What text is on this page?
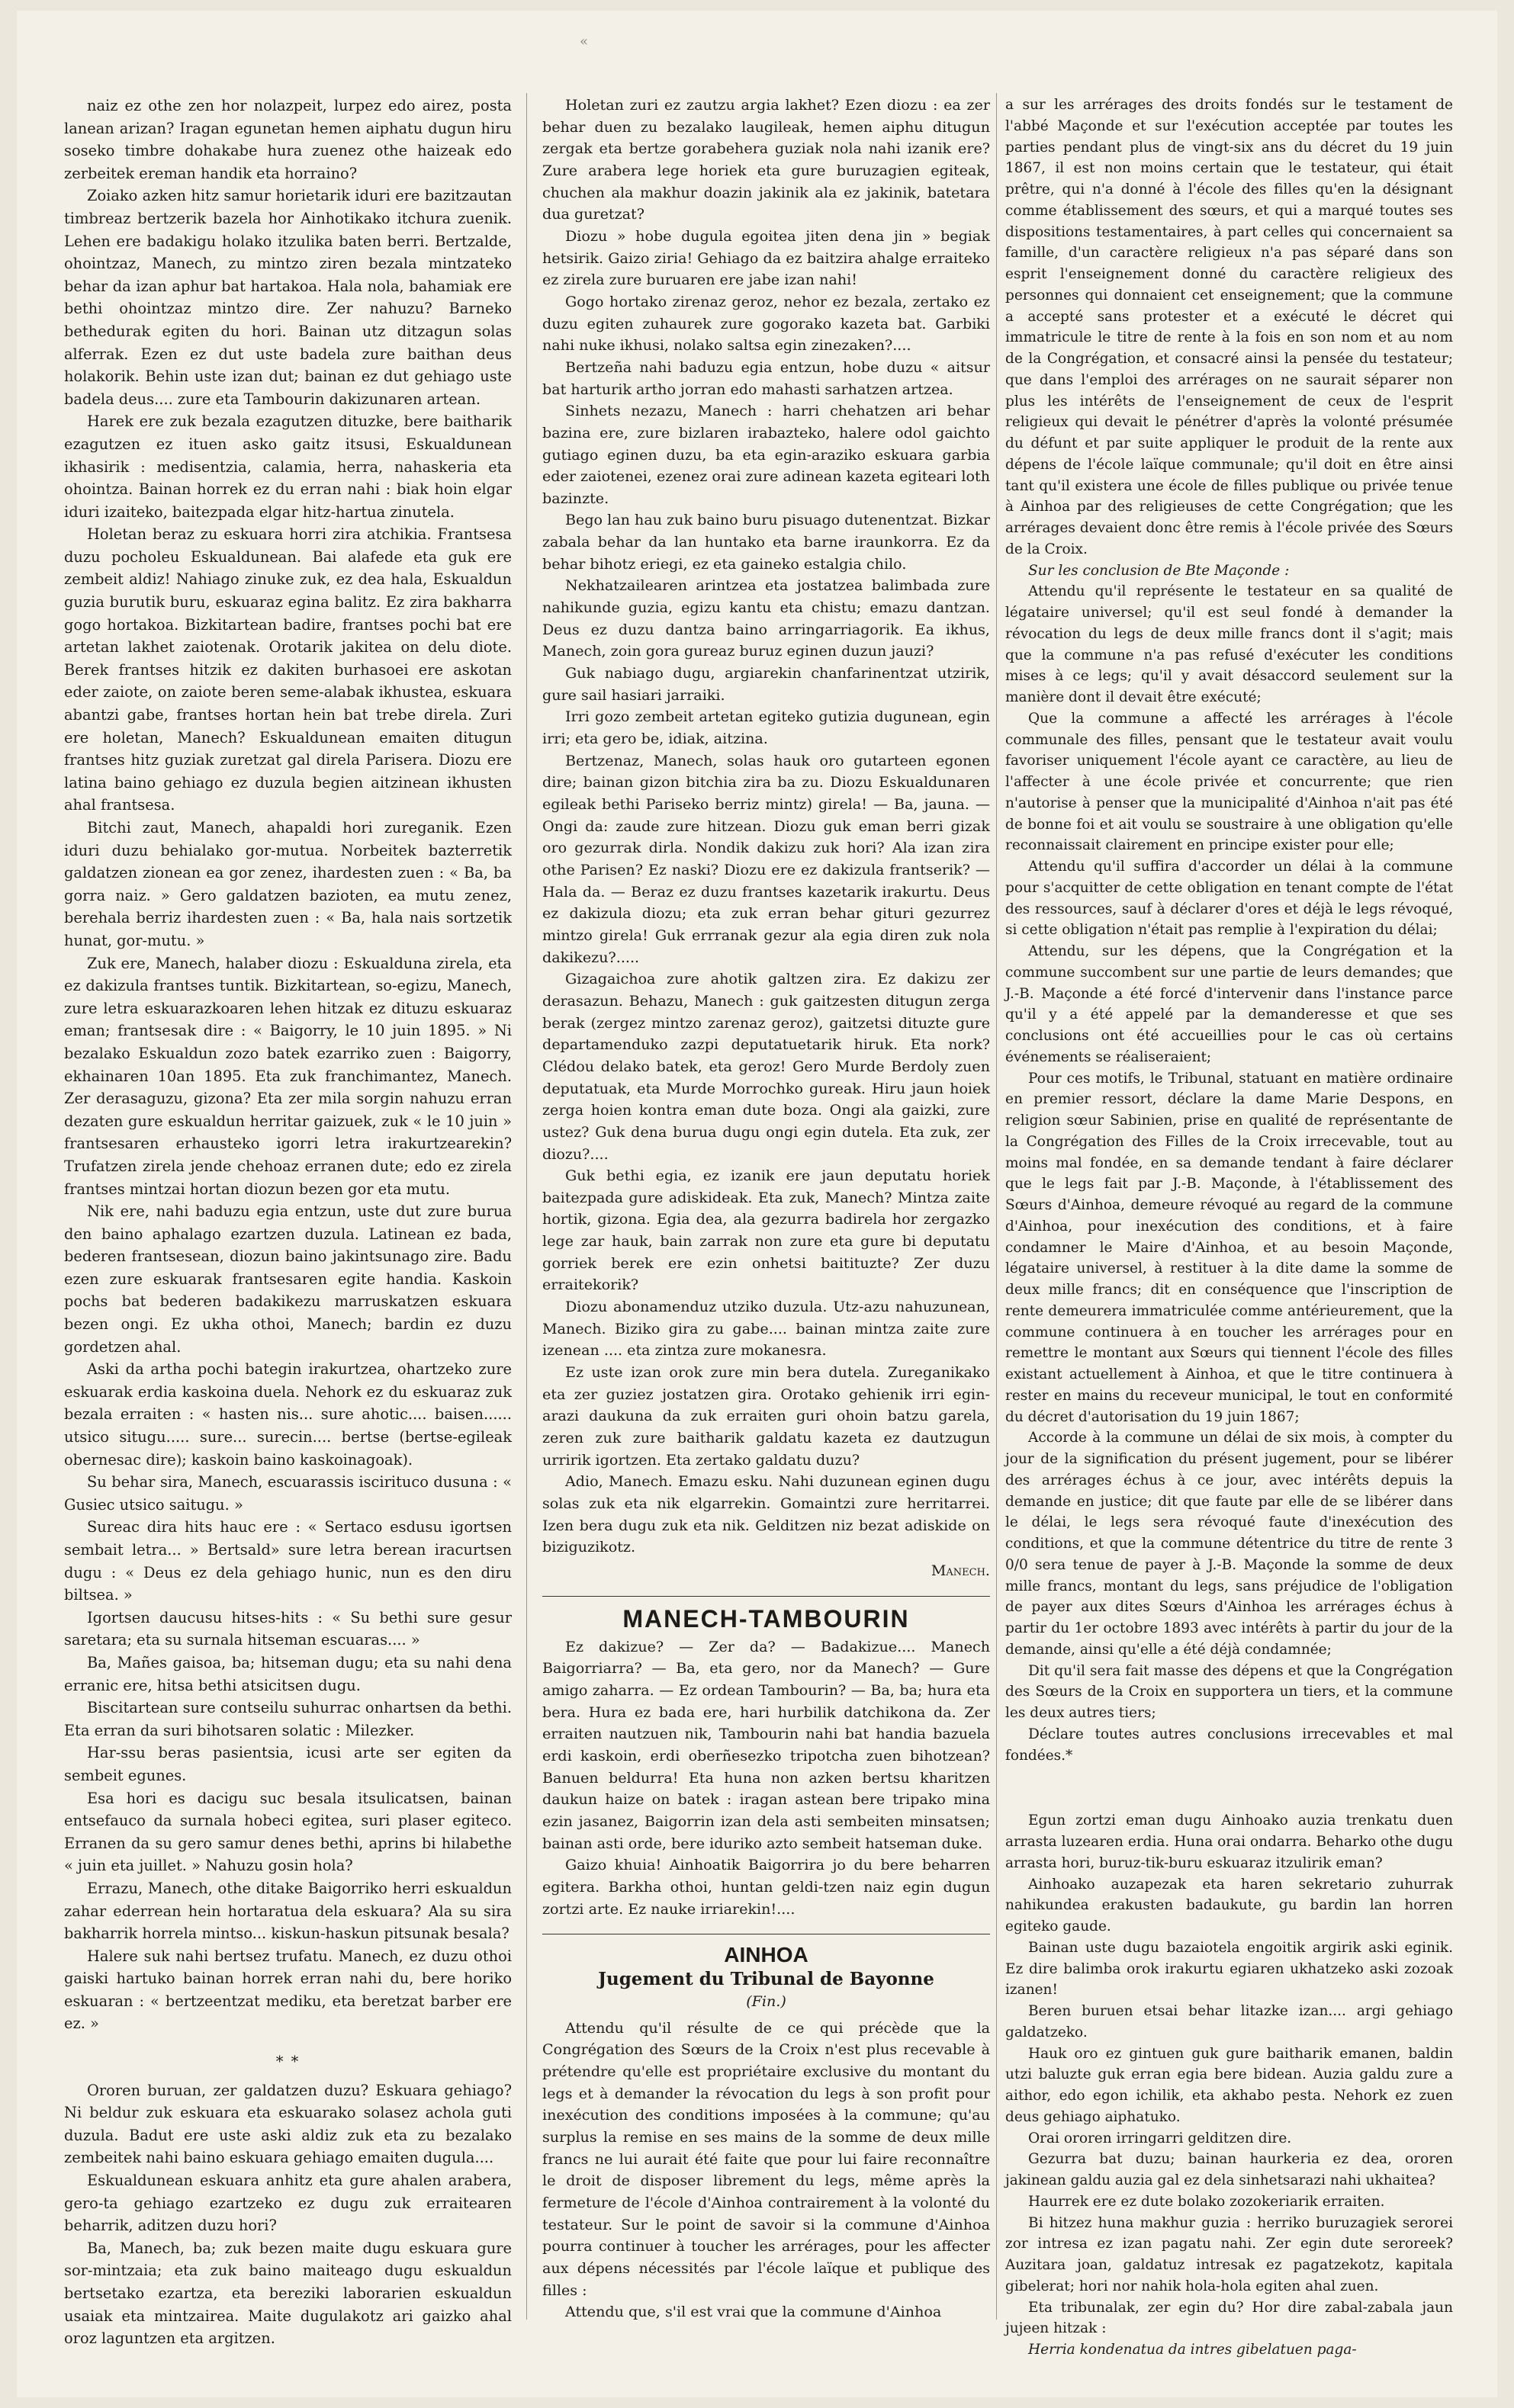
«

naiz ez othe zen hor nolazpeit, lurpez edo airez, posta lanean arizan? Iragan egunetan hemen aiphatu dugun hiru soseko timbre dohakabe hura zuenez othe haizeak edo zerbeitek ereman handik eta horraino?

Zoiako azken hitz samur horietarik iduri ere bazitzautan timbreaz bertzerik bazela hor Ainhotikako itchura zuenik. Lehen ere badakigu holako itzulika baten berri. Bertzalde, ohointzaz, Manech, zu mintzo ziren bezala mintzateko behar da izan aphur bat hartakoa. Hala nola, bahamiak ere bethi ohointzaz mintzo dire. Zer nahuzu? Barneko bethedurak egiten du hori. Bainan utz ditzagun solas alferrak. Ezen ez dut uste badela zure baithan deus holakorik. Behin uste izan dut; bainan ez dut gehiago uste badela deus.... zure eta Tambourin dakizunaren artean.

Harek ere zuk bezala ezagutzen dituzke, bere baitharik ezagutzen ez ituen asko gaitz itsusi, Eskualdunean ikhasirik : medisentzia, calamia, herra, nahaskeria eta ohointza. Bainan horrek ez du erran nahi : biak hoin elgar iduri izaiteko, baitezpada elgar hitz-hartua zinutela.

Holetan beraz zu eskuara horri zira atchikia. Frantsesa duzu pocholeu Eskualdunean. Bai alafede eta guk ere zembeit aldiz! Nahiago zinuke zuk, ez dea hala, Eskualdun guzia burutik buru, eskuaraz egina balitz. Ez zira bakharra gogo hortakoa. Bizkitartean badire, frantses pochi bat ere artetan lakhet zaiotenak. Orotarik jakitea on delu diote. Berek frantses hitzik ez dakiten burhasoei ere askotan eder zaiote, on zaiote beren seme-alabak ikhustea, eskuara abantzi gabe, frantses hortan hein bat trebe direla. Zuri ere holetan, Manech? Eskualdunean emaiten ditugun frantses hitz guziak zuretzat gal direla Parisera. Diozu ere latina baino gehiago ez duzula begien aitzinean ikhusten ahal frantsesa.

Bitchi zaut, Manech, ahapaldi hori zureganik. Ezen iduri duzu behialako gor-mutua. Norbeitek bazterretik galdatzen zionean ea gor zenez, ihardesten zuen : « Ba, ba gorra naiz. » Gero galdatzen bazioten, ea mutu zenez, berehala berriz ihardesten zuen : « Ba, hala nais sortzetik hunat, gor-mutu. »

Zuk ere, Manech, halaber diozu : Eskualduna zirela, eta ez dakizula frantses tuntik. Bizkitartean, so-egizu, Manech, zure letra eskuarazkoaren lehen hitzak ez dituzu eskuaraz eman; frantsesak dire : « Baigorry, le 10 juin 1895. » Ni bezalako Eskualdun zozo batek ezarriko zuen : Baigorry, ekhainaren 10an 1895. Eta zuk franchimantez, Manech. Zer derasaguzu, gizona? Eta zer mila sorgin nahuzu erran dezaten gure eskualdun herritar gaizuek, zuk « le 10 juin » frantsesaren erhausteko igorri letra irakurtzearekin? Trufatzen zirela jende chehoaz erranen dute; edo ez zirela frantses mintzai hortan diozun bezen gor eta mutu.

Nik ere, nahi baduzu egia entzun, uste dut zure burua den baino aphalago ezartzen duzula. Latinean ez bada, bederen frantsesean, diozun baino jakintsunago zire. Badu ezen zure eskuarak frantsesaren egite handia. Kaskoin pochs bat bederen badakikezu marruskatzen eskuara bezen ongi. Ez ukha othoi, Manech; bardin ez duzu gordetzen ahal.

Aski da artha pochi bategin irakurtzea, ohartzeko zure eskuarak erdia kaskoina duela. Nehork ez du eskuaraz zuk bezala erraiten : « hasten nis... sure ahotic.... baisen...... utsico situgu..... sure... surecin.... bertse (bertse-egileak obernesac dire); kaskoin baino kaskoinagoak).

Su behar sira, Manech, escuarassis iscirituco dusuna : « Gusiec utsico saitugu. »

Sureac dira hits hauc ere : « Sertaco esdusu igortsen sembait letra... » Bertsald» sure letra berean iracurtsen dugu : « Deus ez dela gehiago hunic, nun es den diru biltsea. »

Igortsen daucusu hitses-hits : « Su bethi sure gesur saretara; eta su surnala hitseman escuaras.... »

Ba, Mañes gaisoa, ba; hitseman dugu; eta su nahi dena erranic ere, hitsa bethi atsicitsen dugu.

Biscitartean sure contseilu suhurrac onhartsen da bethi. Eta erran da suri bihotsaren solatic : Milezker.

Har-ssu beras pasientsia, icusi arte ser egiten da sembeit egunes.

Esa hori es dacigu suc besala itsulicatsen, bainan entsefauco da surnala hobeci egitea, suri plaser egiteco. Erranen da su gero samur denes bethi, aprins bi hilabethe « juin eta juillet. » Nahuzu gosin hola?

Errazu, Manech, othe ditake Baigorriko herri eskualdun zahar ederrean hein hortaratua dela eskuara? Ala su sira bakharrik horrela mintso... kiskun-haskun pitsunak besala?

Halere suk nahi bertsez trufatu. Manech, ez duzu othoi gaiski hartuko bainan horrek erran nahi du, bere horiko eskuaran : « bertzeentzat mediku, eta beretzat barber ere ez. »

* *

Ororen buruan, zer galdatzen duzu? Eskuara gehiago? Ni beldur zuk eskuara eta eskuarako solasez achola guti duzula. Badut ere uste aski aldiz zuk eta zu bezalako zembeitek nahi baino eskuara gehiago emaiten dugula....

Eskualdunean eskuara anhitz eta gure ahalen arabera, gero-ta gehiago ezartzeko ez dugu zuk erraitearen beharrik, aditzen duzu hori?

Ba, Manech, ba; zuk bezen maite dugu eskuara gure sor-mintzaia; eta zuk baino maiteago dugu eskualdun bertsetako ezartza, eta bereziki laborarien eskualdun usaiak eta mintzairea. Maite dugulakotz ari gaizko ahal oroz laguntzen eta argitzen.

Holetan zuri ez zautzu argia lakhet? Ezen diozu : ea zer behar duen zu bezalako laugileak, hemen aiphu ditugun zergak eta bertze gorabehera guziak nola nahi izanik ere? Zure arabera lege horiek eta gure buruzagien egiteak, chuchen ala makhur doazin jakinik ala ez jakinik, batetara dua guretzat?

Diozu » hobe dugula egoitea jiten dena jin » begiak hetsirik. Gaizo ziria! Gehiago da ez baitzira ahalge erraiteko ez zirela zure buruaren ere jabe izan nahi!

Gogo hortako zirenaz geroz, nehor ez bezala, zertako ez duzu egiten zuhaurek zure gogorako kazeta bat. Garbiki nahi nuke ikhusi, nolako saltsa egin zinezaken?....

Bertzeña nahi baduzu egia entzun, hobe duzu « aitsur bat harturik artho jorran edo mahasti sarhatzen artzea.

Sinhets nezazu, Manech : harri chehatzen ari behar bazina ere, zure bizlaren irabazteko, halere odol gaichto gutiago eginen duzu, ba eta egin-araziko eskuara garbia eder zaiotenei, ezenez orai zure adinean kazeta egiteari loth bazinzte.

Bego lan hau zuk baino buru pisuago dutenentzat. Bizkar zabala behar da lan huntako eta barne iraunkorra. Ez da behar bihotz eriegi, ez eta gaineko estalgia chilo.

Nekhatzailearen arintzea eta jostatzea balimbada zure nahikunde guzia, egizu kantu eta chistu; emazu dantzan. Deus ez duzu dantza baino arringarriagorik. Ea ikhus, Manech, zoin gora gureaz buruz eginen duzun jauzi?

Guk nabiago dugu, argiarekin chanfarinentzat utzirik, gure sail hasiari jarraiki.

Irri gozo zembeit artetan egiteko gutizia dugunean, egin irri; eta gero be, idiak, aitzina.

Bertzenaz, Manech, solas hauk oro gutarteen egonen dire; bainan gizon bitchia zira ba zu. Diozu Eskualdunaren egileak bethi Pariseko berriz mintz) girela! — Ba, jauna. — Ongi da: zaude zure hitzean. Diozu guk eman berri gizak oro gezurrak dirla. Nondik dakizu zuk hori? Ala izan zira othe Parisen? Ez naski? Diozu ere ez dakizula frantserik? — Hala da. — Beraz ez duzu frantses kazetarik irakurtu. Deus ez dakizula diozu; eta zuk erran behar gituri gezurrez mintzo girela! Guk errranak gezur ala egia diren zuk nola dakikezu?.....

Gizagaichoa zure ahotik galtzen zira. Ez dakizu zer derasazun. Behazu, Manech : guk gaitzesten ditugun zerga berak (zergez mintzo zarenaz geroz), gaitzetsi dituzte gure departamenduko zazpi deputatuetarik hiruk. Eta nork? Clédou delako batek, eta geroz! Gero Murde Berdoly zuen deputatuak, eta Murde Morrochko gureak. Hiru jaun hoiek zerga hoien kontra eman dute boza. Ongi ala gaizki, zure ustez? Guk dena burua dugu ongi egin dutela. Eta zuk, zer diozu?....

Guk bethi egia, ez izanik ere jaun deputatu horiek baitezpada gure adiskideak. Eta zuk, Manech? Mintza zaite hortik, gizona. Egia dea, ala gezurra badirela hor zergazko lege zar hauk, bain zarrak non zure eta gure bi deputatu gorriek berek ere ezin onhetsi baitituzte? Zer duzu erraitekorik?

Diozu abonamenduz utziko duzula. Utz-azu nahuzunean, Manech. Biziko gira zu gabe.... bainan mintza zaite zure izenean .... eta zintza zure mokanesra.

Ez uste izan orok zure min bera dutela. Zureganikako eta zer guziez jostatzen gira. Orotako gehienik irri egin-arazi daukuna da zuk erraiten guri ohoin batzu garela, zeren zuk zure baitharik galdatu kazeta ez dautzugun urririk igortzen. Eta zertako galdatu duzu?

Adio, Manech. Emazu esku. Nahi duzunean eginen dugu solas zuk eta nik elgarrekin. Gomaintzi zure herritarrei. Izen bera dugu zuk eta nik. Gelditzen niz bezat adiskide on biziguzikotz.

Manech.
MANECH-TAMBOURIN

Ez dakizue? — Zer da? — Badakizue.... Manech Baigorriarra? — Ba, eta gero, nor da Manech? — Gure amigo zaharra. — Ez ordean Tambourin? — Ba, ba; hura eta bera. Hura ez bada ere, hari hurbilik datchikona da. Zer erraiten nautzuen nik, Tambourin nahi bat handia bazuela erdi kaskoin, erdi oberñesezko tripotcha zuen bihotzean? Banuen beldurra! Eta huna non azken bertsu kharitzen daukun haize on batek : iragan astean bere tripako mina ezin jasanez, Baigorrin izan dela asti sembeiten minsatsen; bainan asti orde, bere iduriko azto sembeit hatseman duke.

Gaizo khuia! Ainhoatik Baigorrira jo du bere beharren egitera. Barkha othoi, huntan geldi-tzen naiz egin dugun zortzi arte. Ez nauke irriarekin!....

AINHOA
Jugement du Tribunal de Bayonne
(Fin.)

Attendu qu'il résulte de ce qui précède que la Congrégation des Sœurs de la Croix n'est plus recevable à prétendre qu'elle est propriétaire exclusive du montant du legs et à demander la révocation du legs à son profit pour inexécution des conditions imposées à la commune; qu'au surplus la remise en ses mains de la somme de deux mille francs ne lui aurait été faite que pour lui faire reconnaître le droit de disposer librement du legs, même après la fermeture de l'école d'Ainhoa contrairement à la volonté du testateur. Sur le point de savoir si la commune d'Ainhoa pourra continuer à toucher les arrérages, pour les affecter aux dépens nécessités par l'école laïque et publique des filles :

Attendu que, s'il est vrai que la commune d'Ainhoa

a sur les arrérages des droits fondés sur le testament de l'abbé Maçonde et sur l'exécution acceptée par toutes les parties pendant plus de vingt-six ans du décret du 19 juin 1867, il est non moins certain que le testateur, qui était prêtre, qui n'a donné à l'école des filles qu'en la désignant comme établissement des sœurs, et qui a marqué toutes ses dispositions testamentaires, à part celles qui concernaient sa famille, d'un caractère religieux n'a pas séparé dans son esprit l'enseignement donné du caractère religieux des personnes qui donnaient cet enseignement; que la commune a accepté sans protester et a exécuté le décret qui immatricule le titre de rente à la fois en son nom et au nom de la Congrégation, et consacré ainsi la pensée du testateur; que dans l'emploi des arrérages on ne saurait séparer non plus les intérêts de l'enseignement de ceux de l'esprit religieux qui devait le pénétrer d'après la volonté présumée du défunt et par suite appliquer le produit de la rente aux dépens de l'école laïque communale; qu'il doit en être ainsi tant qu'il existera une école de filles publique ou privée tenue à Ainhoa par des religieuses de cette Congrégation; que les arrérages devaient donc être remis à l'école privée des Sœurs de la Croix.

Sur les conclusion de Bte Maçonde :

Attendu qu'il représente le testateur en sa qualité de légataire universel; qu'il est seul fondé à demander la révocation du legs de deux mille francs dont il s'agit; mais que la commune n'a pas refusé d'exécuter les conditions mises à ce legs; qu'il y avait désaccord seulement sur la manière dont il devait être exécuté;

Que la commune a affecté les arrérages à l'école communale des filles, pensant que le testateur avait voulu favoriser uniquement l'école ayant ce caractère, au lieu de l'affecter à une école privée et concurrente; que rien n'autorise à penser que la municipalité d'Ainhoa n'ait pas été de bonne foi et ait voulu se soustraire à une obligation qu'elle reconnaissait clairement en principe exister pour elle;

Attendu qu'il suffira d'accorder un délai à la commune pour s'acquitter de cette obligation en tenant compte de l'état des ressources, sauf à déclarer d'ores et déjà le legs révoqué, si cette obligation n'était pas remplie à l'expiration du délai;

Attendu, sur les dépens, que la Congrégation et la commune succombent sur une partie de leurs demandes; que J.-B. Maçonde a été forcé d'intervenir dans l'instance parce qu'il y a été appelé par la demanderesse et que ses conclusions ont été accueillies pour le cas où certains événements se réaliseraient;

Pour ces motifs, le Tribunal, statuant en matière ordinaire en premier ressort, déclare la dame Marie Despons, en religion sœur Sabinien, prise en qualité de représentante de la Congrégation des Filles de la Croix irrecevable, tout au moins mal fondée, en sa demande tendant à faire déclarer que le legs fait par J.-B. Maçonde, à l'établissement des Sœurs d'Ainhoa, demeure révoqué au regard de la commune d'Ainhoa, pour inexécution des conditions, et à faire condamner le Maire d'Ainhoa, et au besoin Maçonde, légataire universel, à restituer à la dite dame la somme de deux mille francs; dit en conséquence que l'inscription de rente demeurera immatriculée comme antérieurement, que la commune continuera à en toucher les arrérages pour en remettre le montant aux Sœurs qui tiennent l'école des filles existant actuellement à Ainhoa, et que le titre continuera à rester en mains du receveur municipal, le tout en conformité du décret d'autorisation du 19 juin 1867;

Accorde à la commune un délai de six mois, à compter du jour de la signification du présent jugement, pour se libérer des arrérages échus à ce jour, avec intérêts depuis la demande en justice; dit que faute par elle de se libérer dans le délai, le legs sera révoqué faute d'inexécution des conditions, et que la commune détentrice du titre de rente 3 0/0 sera tenue de payer à J.-B. Maçonde la somme de deux mille francs, montant du legs, sans préjudice de l'obligation de payer aux dites Sœurs d'Ainhoa les arrérages échus à partir du 1er octobre 1893 avec intérêts à partir du jour de la demande, ainsi qu'elle a été déjà condamnée;

Dit qu'il sera fait masse des dépens et que la Congrégation des Sœurs de la Croix en supportera un tiers, et la commune les deux autres tiers;

Déclare toutes autres conclusions irrecevables et mal fondées.*

Egun zortzi eman dugu Ainhoako auzia trenkatu duen arrasta luzearen erdia. Huna orai ondarra. Beharko othe dugu arrasta hori, buruz-tik-buru eskuaraz itzulirik eman?

Ainhoako auzapezak eta haren sekretario zuhurrak nahikundea erakusten badaukute, gu bardin lan horren egiteko gaude.

Bainan uste dugu bazaiotela engoitik argirik aski eginik. Ez dire balimba orok irakurtu egiaren ukhatzeko aski zozoak izanen!

Beren buruen etsai behar litazke izan.... argi gehiago galdatzeko.

Hauk oro ez gintuen guk gure baitharik emanen, baldin utzi baluzte guk erran egia bere bidean. Auzia galdu zure a aithor, edo egon ichilik, eta akhabo pesta. Nehork ez zuen deus gehiago aiphatuko.

Orai ororen irringarri gelditzen dire.

Gezurra bat duzu; bainan haurkeria ez dea, ororen jakinean galdu auzia gal ez dela sinhetsarazi nahi ukhaitea?

Haurrek ere ez dute bolako zozokeriarik erraiten.

Bi hitzez huna makhur guzia : herriko buruzagiek serorei zor intresa ez izan pagatu nahi. Zer egin dute seroreek? Auzitara joan, galdatuz intresak ez pagatzekotz, kapitala gibelerat; hori nor nahik hola-hola egiten ahal zuen.

Eta tribunalak, zer egin du? Hor dire zabal-zabala jaun jujeen hitzak :

Herria kondenatua da intres gibelatuen paga-
